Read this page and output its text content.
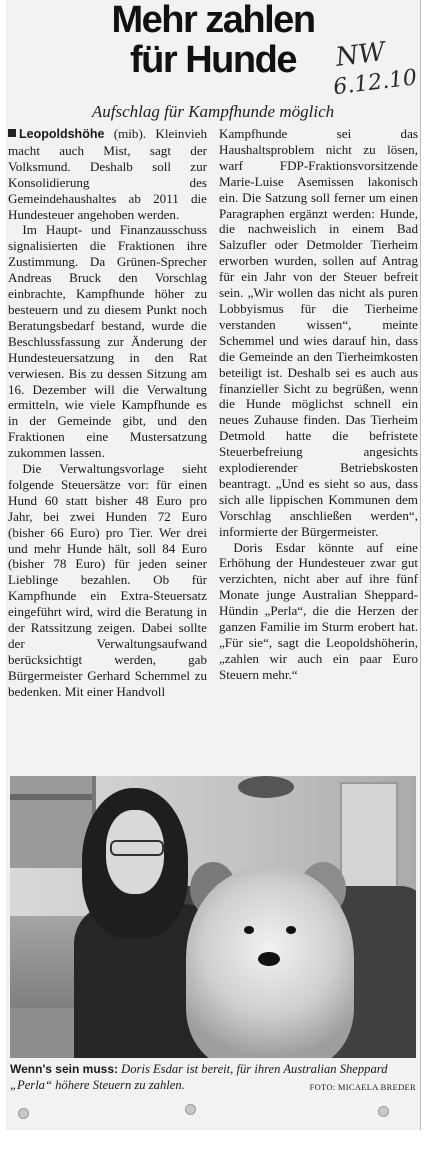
Mehr zahlen
für Hunde	NW
6.12.10
Aufschlag für Kampfhunde möglich

Leopoldshöhe (mib). Kleinvieh macht auch Mist, sagt der Volksmund. Deshalb soll zur Konsolidierung des Gemeindehaushaltes ab 2011 die Hundesteuer angehoben werden.

Im Haupt- und Finanzausschuss signalisierten die Fraktionen ihre Zustimmung. Da Grünen-Sprecher Andreas Bruck den Vorschlag einbrachte, Kampfhunde höher zu besteuern und zu diesem Punkt noch Beratungsbedarf bestand, wurde die Beschlussfassung zur Änderung der Hundesteuersatzung in den Rat verwiesen. Bis zu dessen Sitzung am 16. Dezember will die Verwaltung ermitteln, wie viele Kampfhunde es in der Gemeinde gibt, und den Fraktionen eine Mustersatzung zukommen lassen.

Die Verwaltungsvorlage sieht folgende Steuersätze vor: für einen Hund 60 statt bisher 48 Euro pro Jahr, bei zwei Hunden 72 Euro (bisher 66 Euro) pro Tier. Wer drei und mehr Hunde hält, soll 84 Euro (bisher 78 Euro) für jeden seiner Lieblinge bezahlen. Ob für Kampfhunde ein Extra-Steuersatz eingeführt wird, wird die Beratung in der Ratssitzung zeigen. Dabei sollte der Verwaltungsaufwand berücksichtigt werden, gab Bürgermeister Gerhard Schemmel zu bedenken. Mit einer Handvoll

Kampfhunde sei das Haushaltsproblem nicht zu lösen, warf FDP-Fraktionsvorsitzende Marie-Luise Asemissen lakonisch ein. Die Satzung soll ferner um einen Paragraphen ergänzt werden: Hunde, die nachweislich in einem Bad Salzufler oder Detmolder Tierheim erworben wurden, sollen auf Antrag für ein Jahr von der Steuer befreit sein. „Wir wollen das nicht als puren Lobbyismus für die Tierheime verstanden wissen“, meinte Schemmel und wies darauf hin, dass die Gemeinde an den Tierheimkosten beteiligt ist. Deshalb sei es auch aus finanzieller Sicht zu begrüßen, wenn die Hunde möglichst schnell ein neues Zuhause finden. Das Tierheim Detmold hatte die befristete Steuerbefreiung angesichts explodierender Betriebskosten beantragt. „Und es sieht so aus, dass sich alle lippischen Kommunen dem Vorschlag anschließen werden“, informierte der Bürgermeister.

Doris Esdar könnte auf eine Erhöhung der Hundesteuer zwar gut verzichten, nicht aber auf ihre fünf Monate junge Australian Sheppard-Hündin „Perla“, die die Herzen der ganzen Familie im Sturm erobert hat. „Für sie“, sagt die Leopoldshöherin, „zahlen wir auch ein paar Euro Steuern mehr.“

Wenn's sein muss: Doris Esdar ist bereit, für ihren Australian Sheppard „Perla“ höhere Steuern zu zahlen.	FOTO: MICAELA BREDER
